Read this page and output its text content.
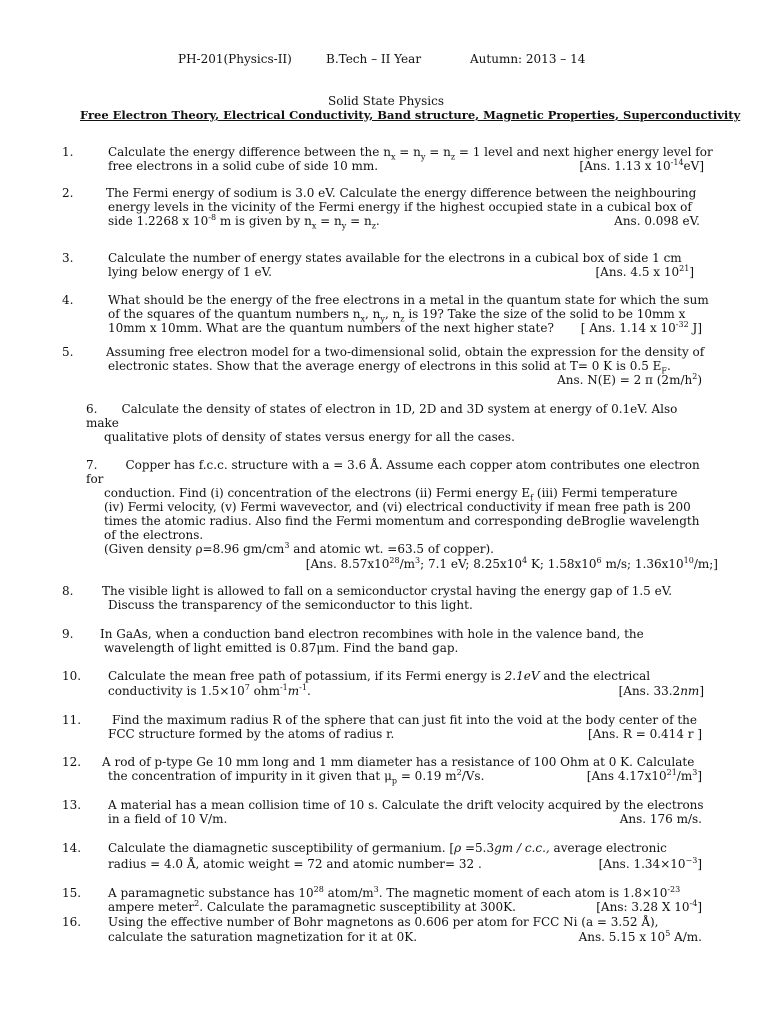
PH-201(Physics-II)	B.Tech – II Year	Autumn: 2013 – 14
Solid State Physics
Free Electron Theory, Electrical Conductivity, Band structure, Magnetic Properties, Superconductivity
1.	Calculate the energy difference between the $n_x = n_y = n_z = 1$ level and next higher energy level for
free electrons in a solid cube of side 10 mm.	[Ans. 1.13 x $10^{-14}eV$]
2.	The Fermi energy of sodium is 3.0 eV. Calculate the energy difference between the neighbouring
energy levels in the vicinity of the Fermi energy if the highest occupied state in a cubical box of
side 1.2268 x $10^{-8}$ m is given by $n_x = n_y = n_z$.	Ans. 0.098 eV.
3.	Calculate the number of energy states available for the electrons in a cubical box of side 1 cm
lying below energy of 1 eV.	[Ans. 4.5 x $10^{21}$]
4.	What should be the energy of the free electrons in a metal in the quantum state for which the sum
of the squares of the quantum numbers $n_x$, $n_y$, $n_z$ is 19? Take the size of the solid to be 10mm x
10mm x 10mm. What are the quantum numbers of the next higher state? [ Ans. 1.14 x $10^{-32}$ J]
5.	Assuming free electron model for a two-dimensional solid, obtain the expression for the density of
electronic states. Show that the average energy of electrons in this solid at T= 0 K is 0.5 $E_F$.
Ans. N(E) = 2 π $(2m/h^2)$
6. Calculate the density of states of electron in 1D, 2D and 3D system at energy of 0.1eV. Also
make
qualitative plots of density of states versus energy for all the cases.
7. Copper has f.c.c. structure with a = 3.6 Å. Assume each copper atom contributes one electron
for
conduction. Find (i) concentration of the electrons (ii) Fermi energy $E_f$ (iii) Fermi temperature
(iv) Fermi velocity, (v) Fermi wavevector, and (vi) electrical conductivity if mean free path is 200
times the atomic radius. Also find the Fermi momentum and corresponding deBroglie wavelength
of the electrons.
(Given density ρ=8.96 $gm/cm^3$ and atomic wt. =63.5 of copper).
[Ans. $8.57x10^{28}/m^3$; 7.1 eV; $8.25x10^4$ K; $1.58x10^6$ m/s; $1.36x10^{10}/m$;]
8. The visible light is allowed to fall on a semiconductor crystal having the energy gap of 1.5 eV.
Discuss the transparency of the semiconductor to this light.
9. In GaAs, when a conduction band electron recombines with hole in the valence band, the
wavelength of light emitted is 0.87μm. Find the band gap.
10. Calculate the mean free path of potassium, if its Fermi energy is 2.1eV and the electrical
conductivity is $1.5\times 10^7$ $ohm^{-1}m^{-1}$.	[Ans. 33.2nm]
11.	Find the maximum radius R of the sphere that can just fit into the void at the body center of the
FCC structure formed by the atoms of radius r.	[Ans. R = 0.414 r ]
12. A rod of p-type Ge 10 mm long and 1 mm diameter has a resistance of 100 Ohm at 0 K. Calculate
the concentration of impurity in it given that $\mu_p = 0.19$ $m^2/Vs$.	[Ans $4.17x10^{21}/m^3$]
13. A material has a mean collision time of 10 s. Calculate the drift velocity acquired by the electrons
in a field of 10 V/m.	Ans. 176 m/s.
14. Calculate the diamagnetic susceptibility of germanium. [ρ =5.3gm / c.c., average electronic
radius = 4.0 Å, atomic weight = 72 and atomic number= 32 .	[Ans. $1.34\times 10^{-3}$]
15. A paramagnetic substance has $10^{28}$ atom/$m^3$. The magnetic moment of each atom is $1.8\times 10^{-23}$
ampere meter$^2$. Calculate the paramagnetic susceptibility at 300K.	[Ans: 3.28 X $10^{-4}$]
16. Using the effective number of Bohr magnetons as 0.606 per atom for FCC Ni (a = 3.52 Å),
calculate the saturation magnetization for it at 0K.	Ans. 5.15 x $10^5$ A/m.
